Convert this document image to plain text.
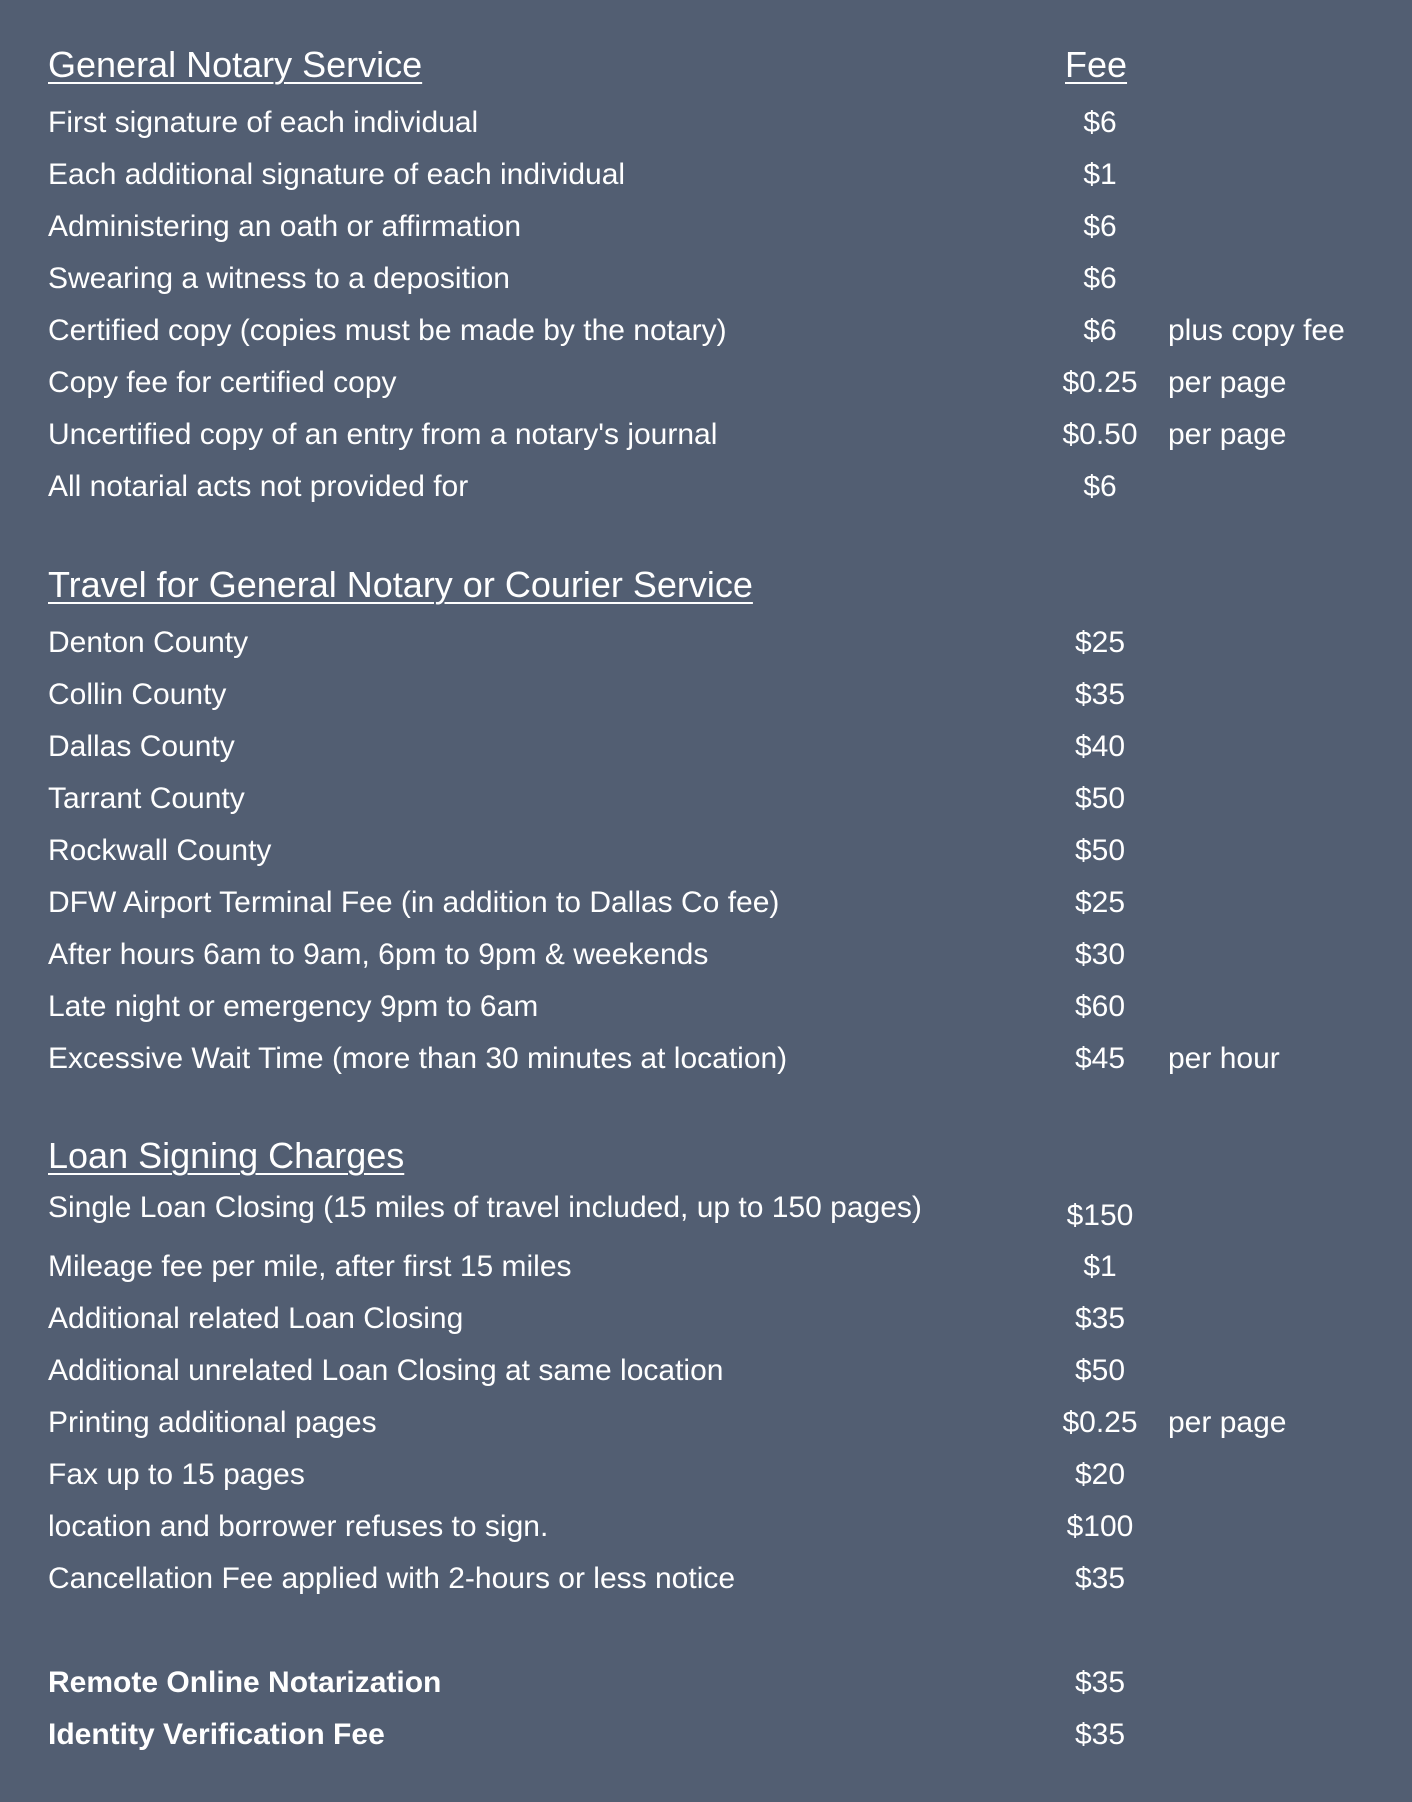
General Notary Service	Fee
First signature of each individual	$6
Each additional signature of each individual	$1
Administering an oath or affirmation	$6
Swearing a witness to a deposition	$6
Certified copy (copies must be made by the notary)	$6	plus copy fee
Copy fee for certified copy	$0.25	per page
Uncertified copy of an entry from a notary's journal	$0.50	per page
All notarial acts not provided for	$6
Travel for General Notary or Courier Service
Denton County	$25
Collin County	$35
Dallas County	$40
Tarrant County	$50
Rockwall County	$50
DFW Airport Terminal Fee (in addition to Dallas Co fee)	$25
After hours 6am to 9am, 6pm to 9pm & weekends	$30
Late night or emergency 9pm to 6am	$60
Excessive Wait Time (more than 30 minutes at location)	$45	per hour
Loan Signing Charges
Single Loan Closing (15 miles of travel included, up to 150 pages)	$150
Mileage fee per mile, after first 15 miles	$1
Additional related Loan Closing	$35
Additional unrelated Loan Closing at same location	$50
Printing additional pages	$0.25	per page
Fax up to 15 pages	$20
location and borrower refuses to sign.	$100
Cancellation Fee applied with 2-hours or less notice	$35
Remote Online Notarization	$35
Identity Verification Fee	$35
